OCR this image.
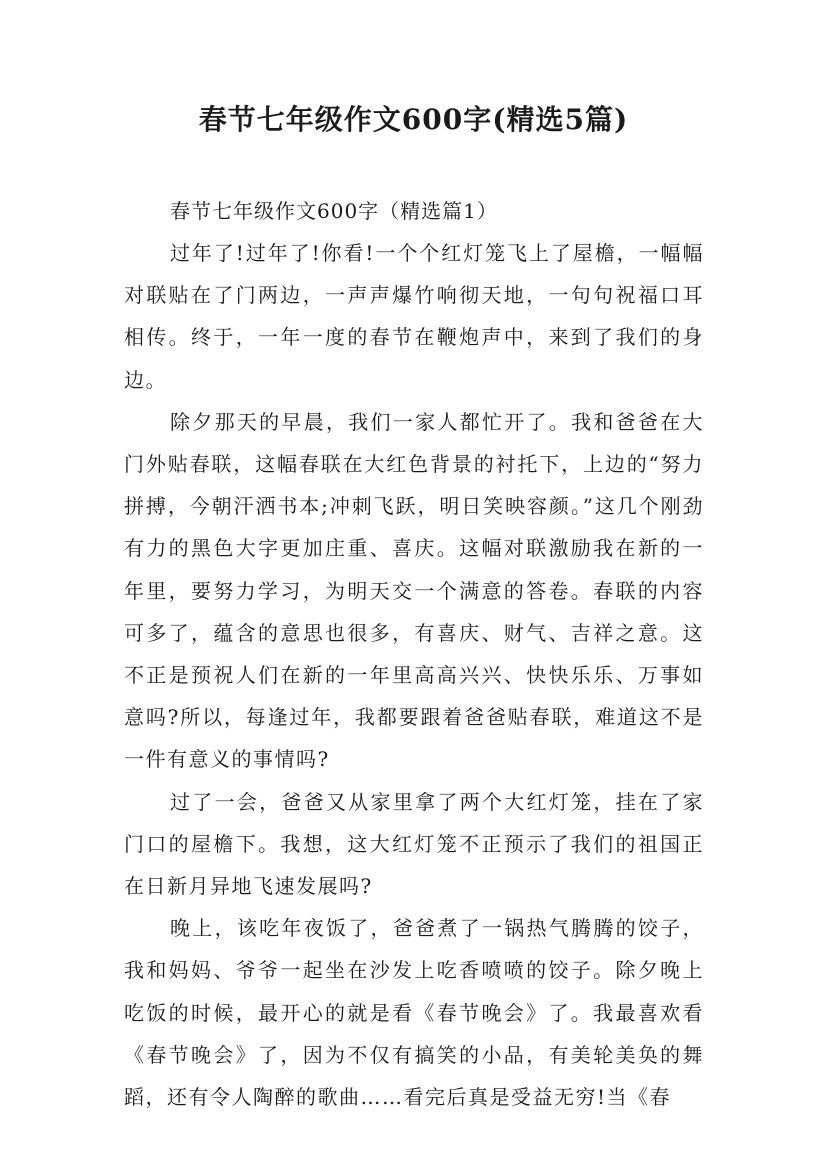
春节七年级作文600字(精选5篇)

春节七年级作文600字（精选篇1）

过年了!过年了!你看!一个个红灯笼飞上了屋檐，一幅幅对联贴在了门两边，一声声爆竹响彻天地，一句句祝福口耳相传。终于，一年一度的春节在鞭炮声中，来到了我们的身边。

除夕那天的早晨，我们一家人都忙开了。我和爸爸在大门外贴春联，这幅春联在大红色背景的衬托下，上边的“努力拼搏，今朝汗洒书本;冲刺飞跃，明日笑映容颜。”这几个刚劲有力的黑色大字更加庄重、喜庆。这幅对联激励我在新的一年里，要努力学习，为明天交一个满意的答卷。春联的内容可多了，蕴含的意思也很多，有喜庆、财气、吉祥之意。这不正是预祝人们在新的一年里高高兴兴、快快乐乐、万事如意吗?所以，每逢过年，我都要跟着爸爸贴春联，难道这不是一件有意义的事情吗?

过了一会，爸爸又从家里拿了两个大红灯笼，挂在了家门口的屋檐下。我想，这大红灯笼不正预示了我们的祖国正在日新月异地飞速发展吗?

晚上，该吃年夜饭了，爸爸煮了一锅热气腾腾的饺子，我和妈妈、爷爷一起坐在沙发上吃香喷喷的饺子。除夕晚上吃饭的时候，最开心的就是看《春节晚会》了。我最喜欢看《春节晚会》了，因为不仅有搞笑的小品，有美轮美奂的舞蹈，还有令人陶醉的歌曲……看完后真是受益无穷!当《春
